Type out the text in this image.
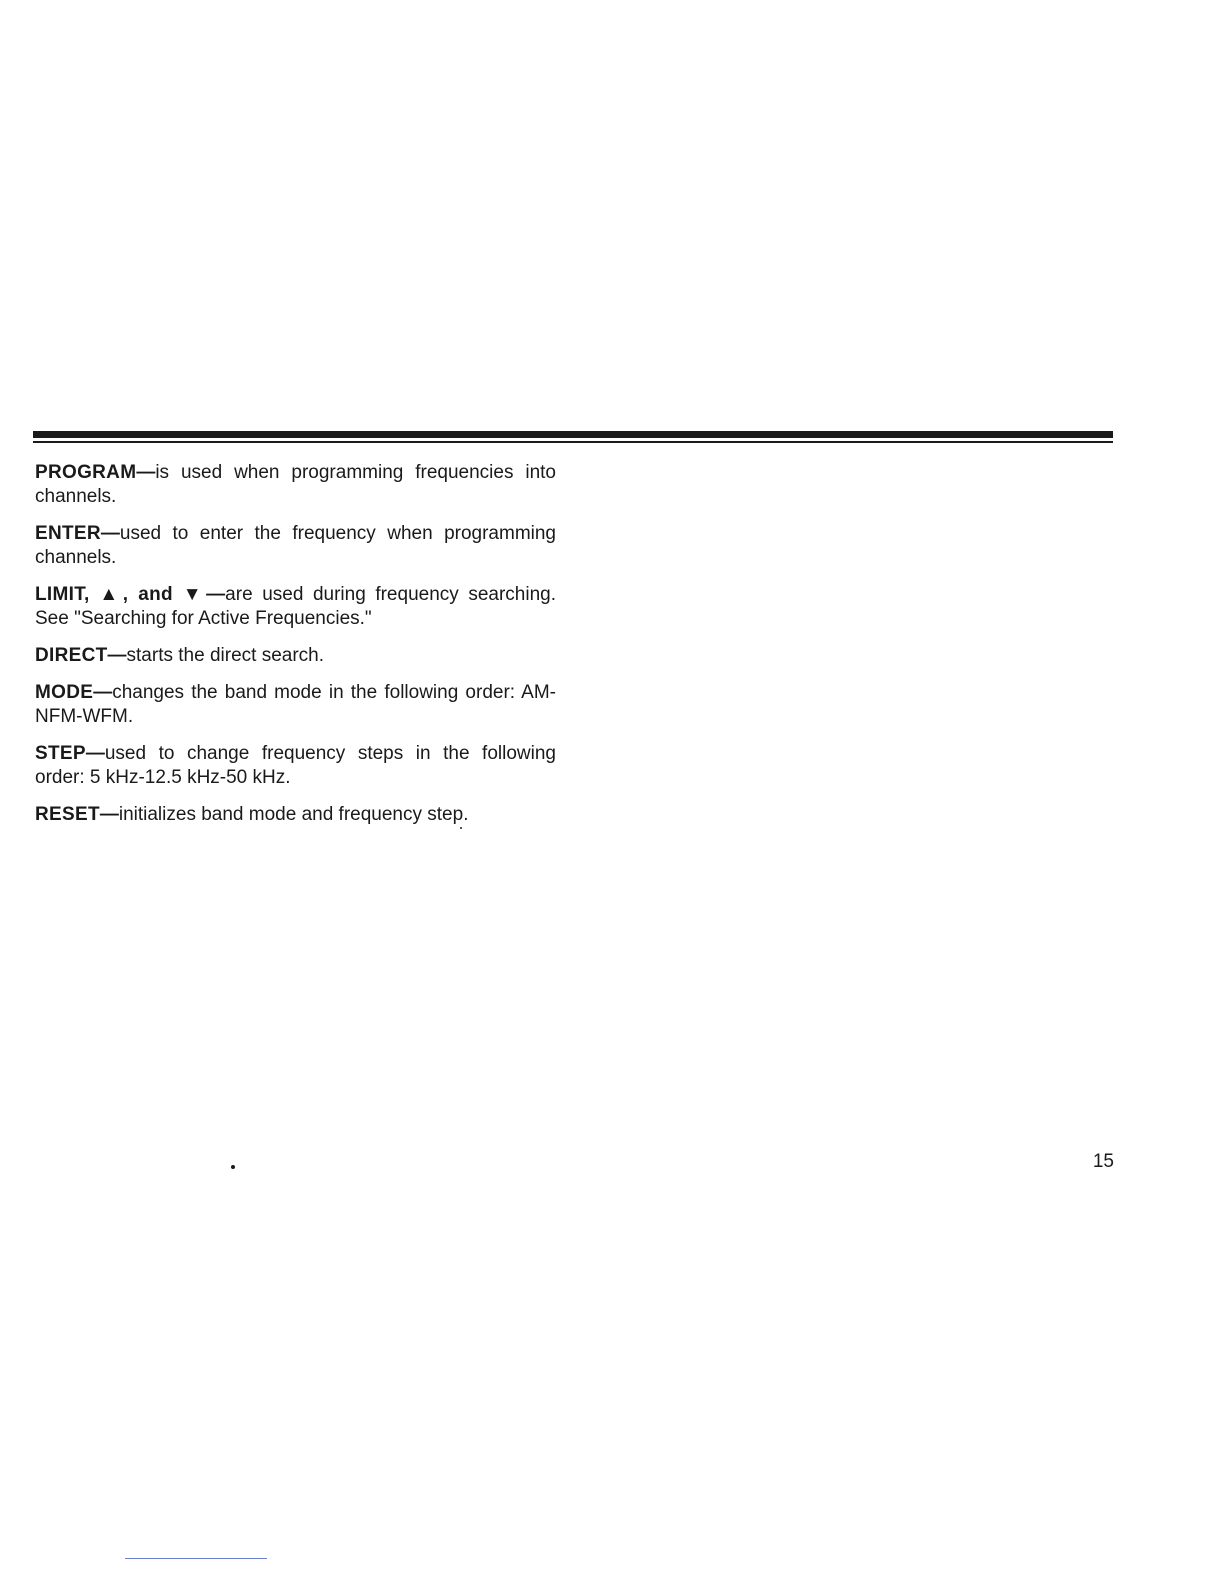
PROGRAM—is used when programming frequencies into channels.

ENTER—used to enter the frequency when programming channels.

LIMIT, ▲, and ▼—are used during frequency searching. See "Searching for Active Frequencies."

DIRECT—starts the direct search.

MODE—changes the band mode in the following order: AM-NFM-WFM.

STEP—used to change frequency steps in the following order: 5 kHz-12.5 kHz-50 kHz.

RESET—initializes band mode and frequency step.

15
